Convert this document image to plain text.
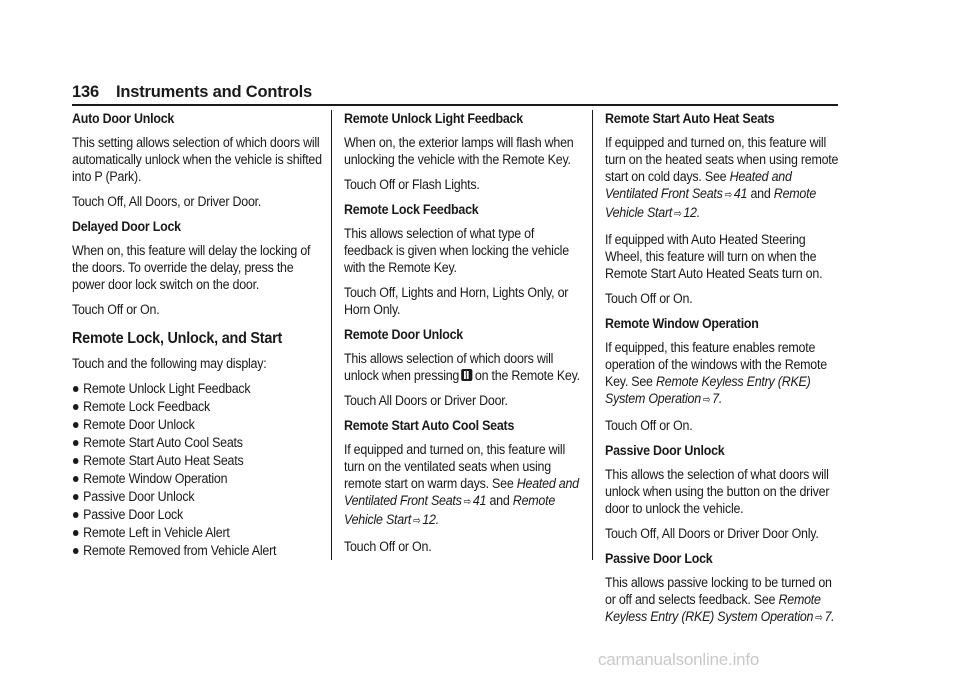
136 Instruments and Controls

Auto Door Unlock

This setting allows selection of which doors will automatically unlock when the vehicle is shifted into P (Park).

Touch Off, All Doors, or Driver Door.

Delayed Door Lock

When on, this feature will delay the locking of the doors. To override the delay, press the power door lock switch on the door.

Touch Off or On.

Remote Lock, Unlock, and Start

Touch and the following may display:

Remote Unlock Light Feedback
Remote Lock Feedback
Remote Door Unlock
Remote Start Auto Cool Seats
Remote Start Auto Heat Seats
Remote Window Operation
Passive Door Unlock
Passive Door Lock
Remote Left in Vehicle Alert
Remote Removed from Vehicle Alert

Remote Unlock Light Feedback

When on, the exterior lamps will flash when unlocking the vehicle with the Remote Key.

Touch Off or Flash Lights.

Remote Lock Feedback

This allows selection of what type of feedback is given when locking the vehicle with the Remote Key.

Touch Off, Lights and Horn, Lights Only, or Horn Only.

Remote Door Unlock

This allows selection of which doors will unlock when pressing on the Remote Key.

Touch All Doors or Driver Door.

Remote Start Auto Cool Seats

If equipped and turned on, this feature will turn on the ventilated seats when using remote start on warm days. See Heated and Ventilated Front Seats ⇨ 41 and Remote Vehicle Start ⇨ 12.

Touch Off or On.

Remote Start Auto Heat Seats

If equipped and turned on, this feature will turn on the heated seats when using remote start on cold days. See Heated and Ventilated Front Seats ⇨ 41 and Remote Vehicle Start ⇨ 12.

If equipped with Auto Heated Steering Wheel, this feature will turn on when the Remote Start Auto Heated Seats turn on.

Touch Off or On.

Remote Window Operation

If equipped, this feature enables remote operation of the windows with the Remote Key. See Remote Keyless Entry (RKE) System Operation ⇨ 7.

Touch Off or On.

Passive Door Unlock

This allows the selection of what doors will unlock when using the button on the driver door to unlock the vehicle.

Touch Off, All Doors or Driver Door Only.

Passive Door Lock

This allows passive locking to be turned on or off and selects feedback. See Remote Keyless Entry (RKE) System Operation ⇨ 7.

carmanualsonline.info
